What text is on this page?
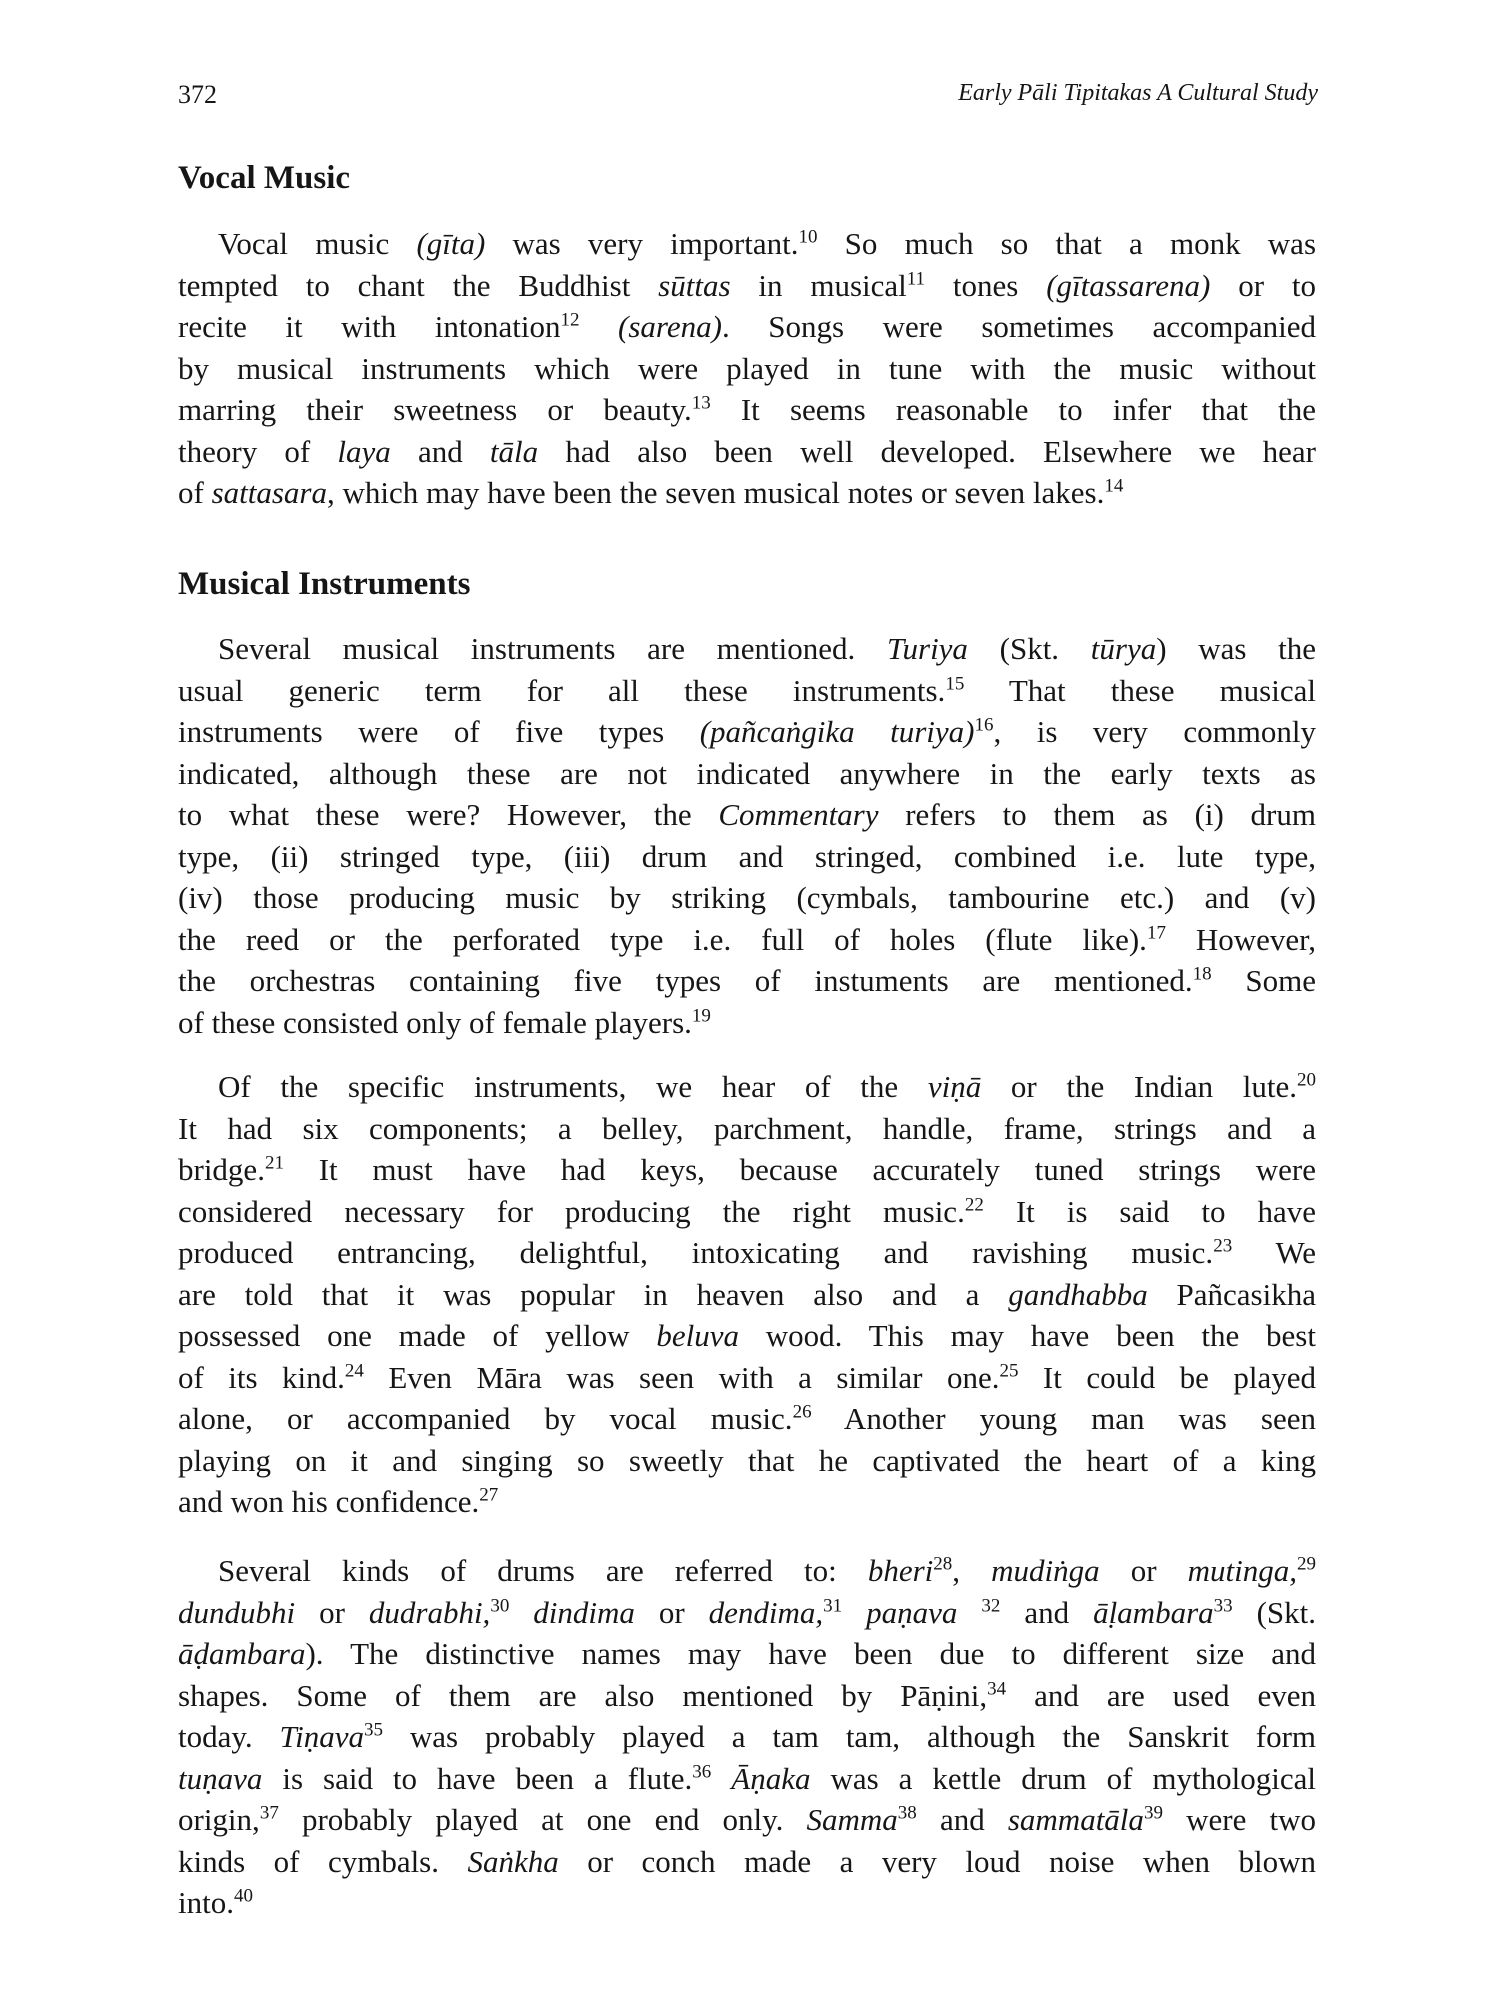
372	Early Pāli Tipitakas A Cultural Study
Vocal Music
Vocal music (gīta) was very important.$^{10}$ So much so that a monk was
tempted to chant the Buddhist sūttas in musical$^{11}$ tones (gītassarena) or to
recite it with intonation$^{12}$ (sarena). Songs were sometimes accompanied
by musical instruments which were played in tune with the music without
marring their sweetness or beauty.$^{13}$ It seems reasonable to infer that the
theory of laya and tāla had also been well developed. Elsewhere we hear
of sattasara, which may have been the seven musical notes or seven lakes.$^{14}$
Musical Instruments
Several musical instruments are mentioned. Turiya (Skt. tūrya) was the
usual generic term for all these instruments.$^{15}$ That these musical
instruments were of five types (pañcaṅgika turiya)$^{16}$, is very commonly
indicated, although these are not indicated anywhere in the early texts as
to what these were? However, the Commentary refers to them as (i) drum
type, (ii) stringed type, (iii) drum and stringed, combined i.e. lute type,
(iv) those producing music by striking (cymbals, tambourine etc.) and (v)
the reed or the perforated type i.e. full of holes (flute like).$^{17}$ However,
the orchestras containing five types of instuments are mentioned.$^{18}$ Some
of these consisted only of female players.$^{19}$
Of the specific instruments, we hear of the viṇā or the Indian lute.$^{20}$
It had six components; a belley, parchment, handle, frame, strings and a
bridge.$^{21}$ It must have had keys, because accurately tuned strings were
considered necessary for producing the right music.$^{22}$ It is said to have
produced entrancing, delightful, intoxicating and ravishing music.$^{23}$ We
are told that it was popular in heaven also and a gandhabba Pañcasikha
possessed one made of yellow beluva wood. This may have been the best
of its kind.$^{24}$ Even Māra was seen with a similar one.$^{25}$ It could be played
alone, or accompanied by vocal music.$^{26}$ Another young man was seen
playing on it and singing so sweetly that he captivated the heart of a king
and won his confidence.$^{27}$
Several kinds of drums are referred to: bheri$^{28}$, mudiṅga or mutinga,$^{29}$
dundubhi or dudrabhi,$^{30}$ dindima or dendima,$^{31}$ paṇava $^{32}$ and āḷambara$^{33}$ (Skt.
āḍambara). The distinctive names may have been due to different size and
shapes. Some of them are also mentioned by Pāṇini,$^{34}$ and are used even
today. Tiṇava$^{35}$ was probably played a tam tam, although the Sanskrit form
tuṇava is said to have been a flute.$^{36}$ Āṇaka was a kettle drum of mythological
origin,$^{37}$ probably played at one end only. Samma$^{38}$ and sammatāla$^{39}$ were two
kinds of cymbals. Saṅkha or conch made a very loud noise when blown
into.$^{40}$
